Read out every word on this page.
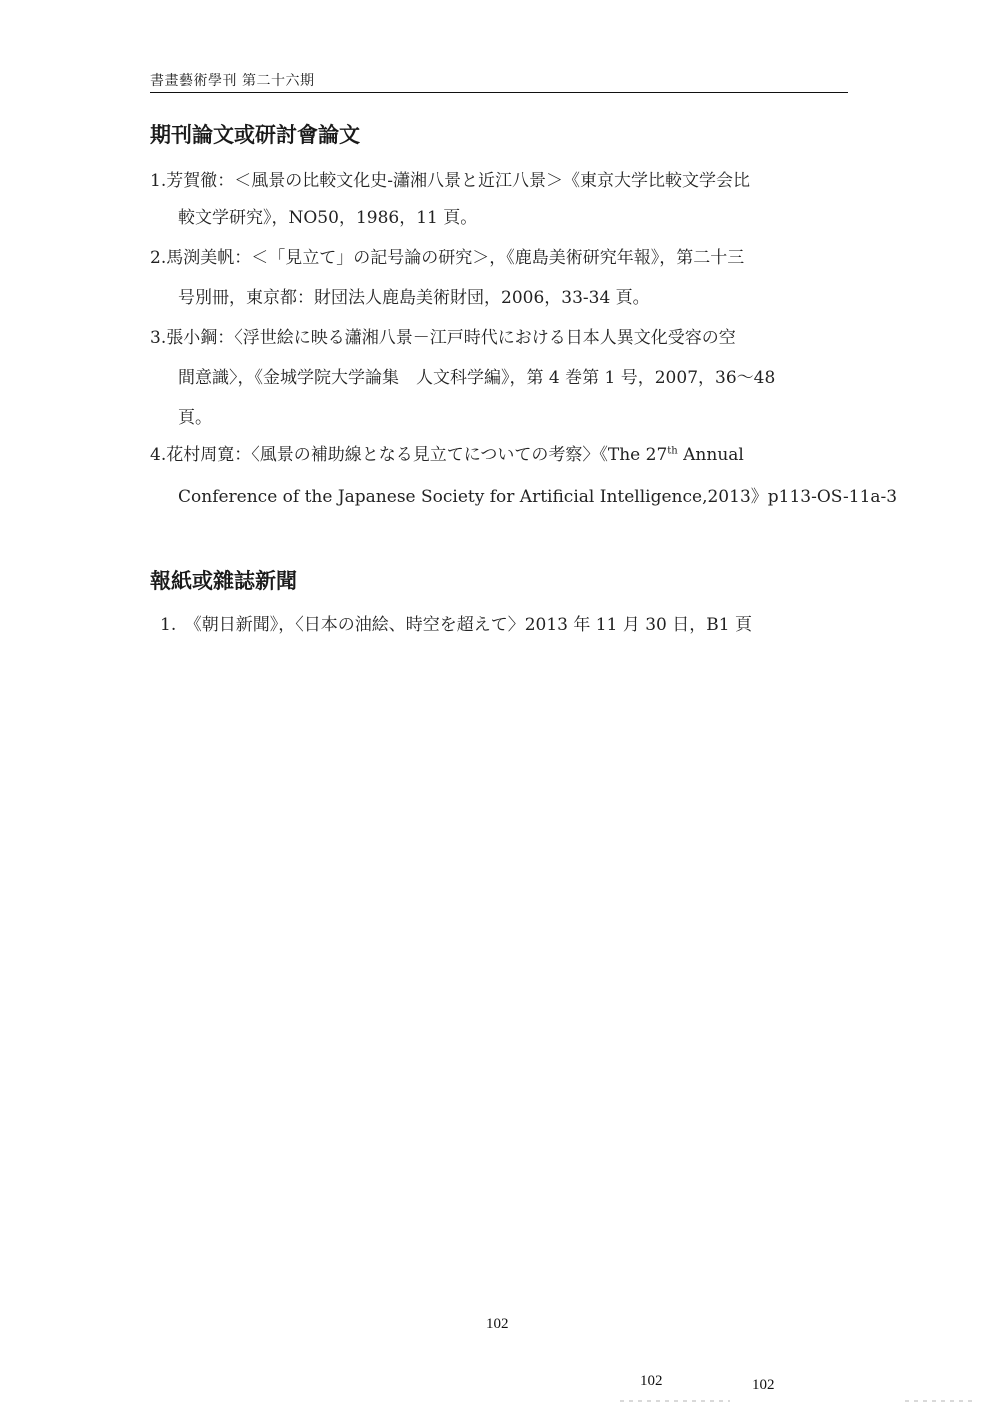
書畫藝術學刊 第二十六期
期刊論文或研討會論文
1.芳賀徹：＜風景の比較文化史-瀟湘八景と近江八景＞《東京大学比較文学会比
較文学研究》，NO50，1986，11 頁。
2.馬渕美帆：＜「見立て」の記号論の研究＞，《鹿島美術研究年報》，第二十三
号別冊，東京都：財団法人鹿島美術財団，2006，33-34 頁。
3.張小鋼：〈浮世絵に映る瀟湘八景－江戸時代における日本人異文化受容の空
間意識〉，《金城学院大学論集　人文科学編》，第 4 巻第 1 号，2007，36～48
頁。
4.花村周寛：〈風景の補助線となる見立てについての考察〉《The 27th Annual
Conference of the Japanese Society for Artificial Intelligence,2013》p113-OS-11a-3
報紙或雜誌新聞
1.　《朝日新聞》，〈日本の油絵、時空を超えて〉2013 年 11 月 30 日，B1 頁
102
102	102
